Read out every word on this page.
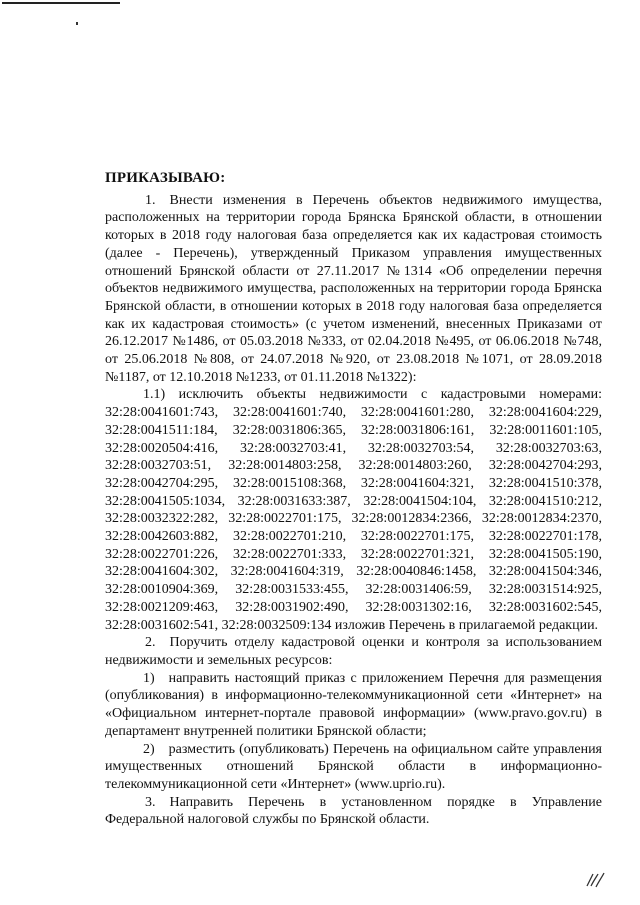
ПРИКАЗЫВАЮ:

1. Внести изменения в Перечень объектов недвижимого имущества, расположенных на территории города Брянска Брянской области, в отношении которых в 2018 году налоговая база определяется как их кадастровая стоимость (далее - Перечень), утвержденный Приказом управления имущественных отношений Брянской области от 27.11.2017 №1314 «Об определении перечня объектов недвижимого имущества, расположенных на территории города Брянска Брянской области, в отношении которых в 2018 году налоговая база определяется как их кадастровая стоимость» (с учетом изменений, внесенных Приказами от 26.12.2017 №1486, от 05.03.2018 №333, от 02.04.2018 №495, от 06.06.2018 №748, от 25.06.2018 №808, от 24.07.2018 №920, от 23.08.2018 №1071, от 28.09.2018 №1187, от 12.10.2018 №1233, от 01.11.2018 №1322):

1.1) исключить объекты недвижимости с кадастровыми номерами: 32:28:0041601:743, 32:28:0041601:740, 32:28:0041601:280, 32:28:0041604:229, 32:28:0041511:184, 32:28:0031806:365, 32:28:0031806:161, 32:28:0011601:105, 32:28:0020504:416, 32:28:0032703:41, 32:28:0032703:54, 32:28:0032703:63, 32:28:0032703:51, 32:28:0014803:258, 32:28:0014803:260, 32:28:0042704:293, 32:28:0042704:295, 32:28:0015108:368, 32:28:0041604:321, 32:28:0041510:378, 32:28:0041505:1034, 32:28:0031633:387, 32:28:0041504:104, 32:28:0041510:212, 32:28:0032322:282, 32:28:0022701:175, 32:28:0012834:2366, 32:28:0012834:2370, 32:28:0042603:882, 32:28:0022701:210, 32:28:0022701:175, 32:28:0022701:178, 32:28:0022701:226, 32:28:0022701:333, 32:28:0022701:321, 32:28:0041505:190, 32:28:0041604:302, 32:28:0041604:319, 32:28:0040846:1458, 32:28:0041504:346, 32:28:0010904:369, 32:28:0031533:455, 32:28:0031406:59, 32:28:0031514:925, 32:28:0021209:463, 32:28:0031902:490, 32:28:0031302:16, 32:28:0031602:545, 32:28:0031602:541, 32:28:0032509:134 изложив Перечень в прилагаемой редакции.

2. Поручить отделу кадастровой оценки и контроля за использованием недвижимости и земельных ресурсов:

1) направить настоящий приказ с приложением Перечня для размещения (опубликования) в информационно-телекоммуникационной сети «Интернет» на «Официальном интернет-портале правовой информации» (www.pravo.gov.ru) в департамент внутренней политики Брянской области;

2) разместить (опубликовать) Перечень на официальном сайте управления имущественных отношений Брянской области в информационно-телекоммуникационной сети «Интернет» (www.uprio.ru).

3. Направить Перечень в установленном порядке в Управление Федеральной налоговой службы по Брянской области.
